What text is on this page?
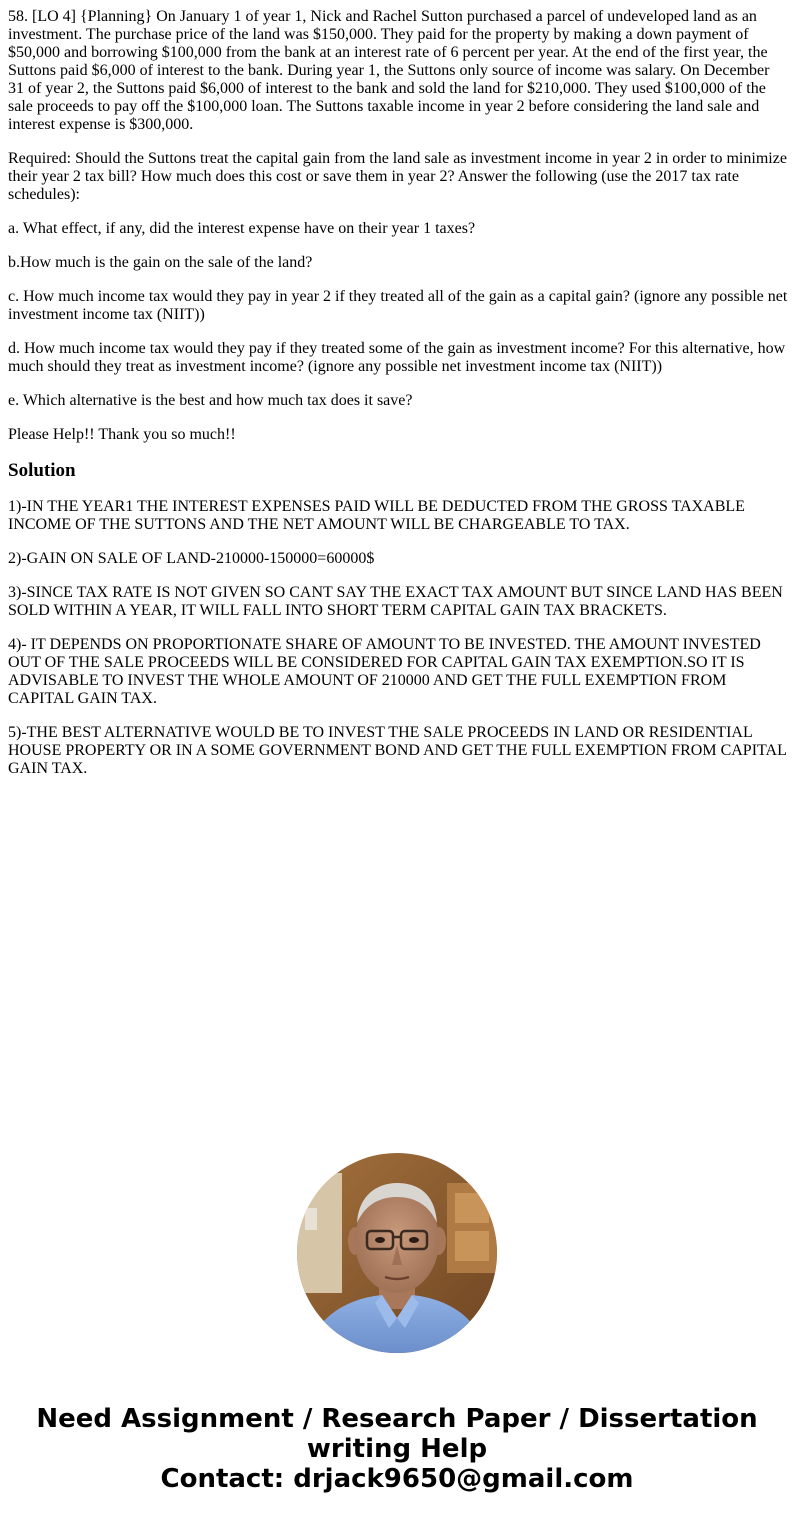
58. [LO 4] {Planning} On January 1 of year 1, Nick and Rachel Sutton purchased a parcel of undeveloped land as an investment. The purchase price of the land was $150,000. They paid for the property by making a down payment of $50,000 and borrowing $100,000 from the bank at an interest rate of 6 percent per year. At the end of the first year, the Suttons paid $6,000 of interest to the bank. During year 1, the Suttons only source of income was salary. On December 31 of year 2, the Suttons paid $6,000 of interest to the bank and sold the land for $210,000. They used $100,000 of the sale proceeds to pay off the $100,000 loan. The Suttons taxable income in year 2 before considering the land sale and interest expense is $300,000.

Required: Should the Suttons treat the capital gain from the land sale as investment income in year 2 in order to minimize their year 2 tax bill? How much does this cost or save them in year 2? Answer the following (use the 2017 tax rate schedules):

a. What effect, if any, did the interest expense have on their year 1 taxes?

b.How much is the gain on the sale of the land?

c. How much income tax would they pay in year 2 if they treated all of the gain as a capital gain? (ignore any possible net investment income tax (NIIT))

d. How much income tax would they pay if they treated some of the gain as investment income? For this alternative, how much should they treat as investment income? (ignore any possible net investment income tax (NIIT))

e. Which alternative is the best and how much tax does it save?

Please Help!! Thank you so much!!

Solution

1)-IN THE YEAR1 THE INTEREST EXPENSES PAID WILL BE DEDUCTED FROM THE GROSS TAXABLE INCOME OF THE SUTTONS AND THE NET AMOUNT WILL BE CHARGEABLE TO TAX.

2)-GAIN ON SALE OF LAND-210000-150000=60000$

3)-SINCE TAX RATE IS NOT GIVEN SO CANT SAY THE EXACT TAX AMOUNT BUT SINCE LAND HAS BEEN SOLD WITHIN A YEAR, IT WILL FALL INTO SHORT TERM CAPITAL GAIN TAX BRACKETS.

4)- IT DEPENDS ON PROPORTIONATE SHARE OF AMOUNT TO BE INVESTED. THE AMOUNT INVESTED OUT OF THE SALE PROCEEDS WILL BE CONSIDERED FOR CAPITAL GAIN TAX EXEMPTION.SO IT IS ADVISABLE TO INVEST THE WHOLE AMOUNT OF 210000 AND GET THE FULL EXEMPTION FROM CAPITAL GAIN TAX.

5)-THE BEST ALTERNATIVE WOULD BE TO INVEST THE SALE PROCEEDS IN LAND OR RESIDENTIAL HOUSE PROPERTY OR IN A SOME GOVERNMENT BOND AND GET THE FULL EXEMPTION FROM CAPITAL GAIN TAX.

Need Assignment / Research Paper / Dissertation
writing Help
Contact: drjack9650@gmail.com
